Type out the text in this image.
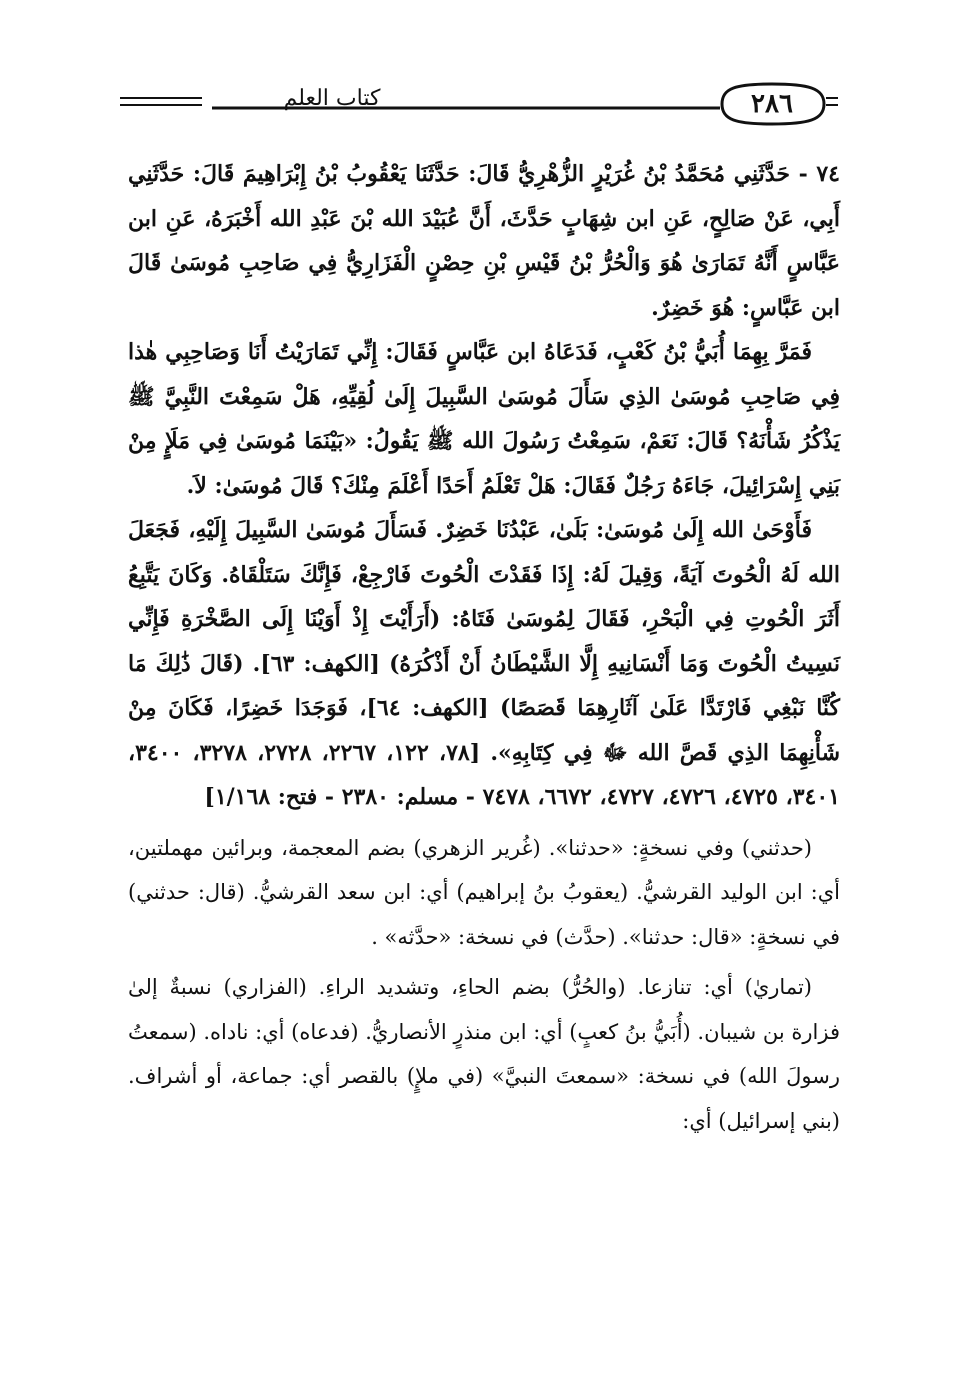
٢٨٦
كتاب العلم

٧٤ - حَدَّثَنِي مُحَمَّدُ بْنُ غُرَيْرٍ الزُّهْرِيُّ قَالَ: حَدَّثَنَا يَعْقُوبُ بْنُ إِبْرَاهِيمَ قَالَ: حَدَّثَنِي أَبِي، عَنْ صَالِحٍ، عَنِ ابن شِهَابٍ حَدَّثَ، أَنَّ عُبَيْدَ الله بْنَ عَبْدِ الله أَخْبَرَهُ، عَنِ ابن عَبَّاسٍ أَنَّهُ تَمَارَىٰ هُوَ وَالْحُرُّ بْنُ قَيْسِ بْنِ حِصْنٍ الْفَزَارِيُّ فِي صَاحِبِ مُوسَىٰ قَالَ ابن عَبَّاسٍ: هُوَ خَضِرٌ.

فَمَرَّ بِهِمَا أُبَيُّ بْنُ كَعْبٍ، فَدَعَاهُ ابن عَبَّاسٍ فَقَالَ: إِنِّي تَمَارَيْتُ أَنَا وَصَاحِبِي هٰذا فِي صَاحِبِ مُوسَىٰ الذِي سَأَلَ مُوسَىٰ السَّبِيلَ إِلَىٰ لُقِيِّهِ، هَلْ سَمِعْتَ النَّبِيَّ ﷺ يَذْكُرُ شَأْنَهُ؟ قَالَ: نَعَمْ، سَمِعْتُ رَسُولَ الله ﷺ يَقُولُ: «بَيْنَمَا مُوسَىٰ فِي مَلَإٍ مِنْ بَنِي إِسْرَائِيلَ، جَاءَهُ رَجُلٌ فَقَالَ: هَلْ تَعْلَمُ أَحَدًا أَعْلَمَ مِنْكَ؟ قَالَ مُوسَىٰ: لاَ.

فَأَوْحَىٰ الله إِلَىٰ مُوسَىٰ: بَلَىٰ، عَبْدُنَا خَضِرٌ. فَسَأَلَ مُوسَىٰ السَّبِيلَ إِلَيْهِ، فَجَعَلَ الله لَهُ الْحُوتَ آيَةً، وَقِيلَ لَهُ: إِذَا فَقَدْتَ الْحُوتَ فَارْجِعْ، فَإِنَّكَ سَتَلْقَاهُ. وَكَانَ يَتَّبِعُ أَثَرَ الْحُوتِ فِي الْبَحْرِ، فَقَالَ لِمُوسَىٰ فَتَاهُ: (أَرَأَيْتَ إِذْ أَوَيْنَا إِلَى الصَّخْرَةِ فَإِنِّي نَسِيتُ الْحُوتَ وَمَا أَنْسَانِيهِ إِلَّا الشَّيْطَانُ أَنْ أَذْكُرَهُ) [الكهف: ٦٣]. (قَالَ ذَٰلِكَ مَا كُنَّا نَبْغِي فَارْتَدَّا عَلَىٰ آثَارِهِمَا قَصَصًا) [الكهف: ٦٤]، فَوَجَدَا خَضِرًا، فَكَانَ مِنْ شَأْنِهِمَا الذِي قَصَّ الله ﷻ فِي كِتَابِهِ». [٧٨، ١٢٢، ٢٢٦٧، ٢٧٢٨، ٣٢٧٨، ٣٤٠٠، ٣٤٠١، ٤٧٢٥، ٤٧٢٦، ٤٧٢٧، ٦٦٧٢، ٧٤٧٨ - مسلم: ٢٣٨٠ - فتح: ١/١٦٨]

(حدثني) وفي نسخةٍ: «حدثنا». (غُرير الزهري) بضم المعجمة، وبرائين مهملتين، أي: ابن الوليد القرشيُّ. (يعقوبُ بنُ إبراهيم) أي: ابن سعد القرشيُّ. (قال: حدثني) في نسخةٍ: «قال: حدثنا». (حدَّث) في نسخة: «حدَّثه» .

(تماريٰ) أي: تنازعا. (والحُرُّ) بضم الحاءِ، وتشديد الراءِ. (الفزاري) نسبةٌ إلىٰ فزارة بن شيبان. (أُبَيُّ بنُ كعبٍ) أي: ابن منذرٍ الأنصاريُّ. (فدعاه) أي: ناداه. (سمعتُ رسولَ الله) في نسخة: «سمعتَ النبيَّ» (في ملإٍ) بالقصر أي: جماعة، أو أشراف. (بني إسرائيل) أي:
